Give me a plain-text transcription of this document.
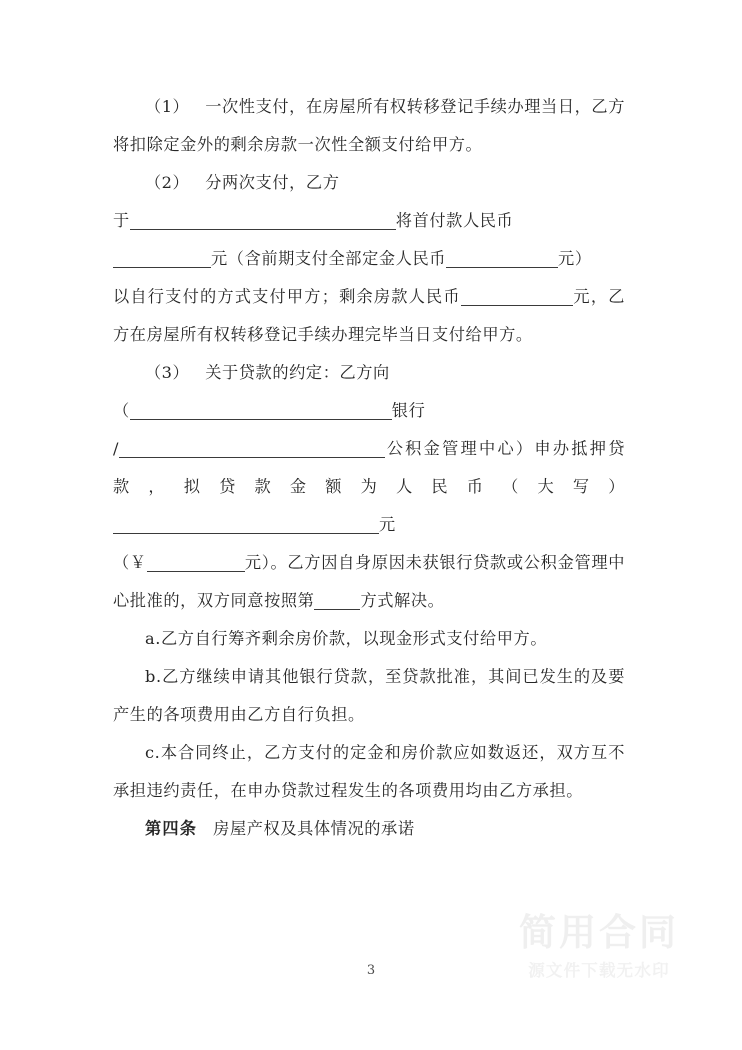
（1） 一次性支付，在房屋所有权转移登记手续办理当日，乙方将扣除定金外的剩余房款一次性全额支付给甲方。

（2） 分两次支付，乙方

于	将首付款人民币
元（含前期支付全部定金人民币	元）
以自行支付的方式支付甲方；剩余房款人民币	元，乙方在房屋所有权转移登记手续办理完毕当日支付给甲方。

（3） 关于贷款的约定：乙方向

（	银行
/	公积金管理中心）申办抵押贷款，拟贷款金额为人民币（大写）元
（￥	元）。乙方因自身原因未获银行贷款或公积金管理中心批准的，双方同意按照第	方式解决。

a.乙方自行筹齐剩余房价款，以现金形式支付给甲方。

b.乙方继续申请其他银行贷款，至贷款批准，其间已发生的及要产生的各项费用由乙方自行负担。

c.本合同终止，乙方支付的定金和房价款应如数返还，双方互不承担违约责任，在申办贷款过程发生的各项费用均由乙方承担。

第四条 房屋产权及具体情况的承诺

简用合同
源文件下载无水印
3
